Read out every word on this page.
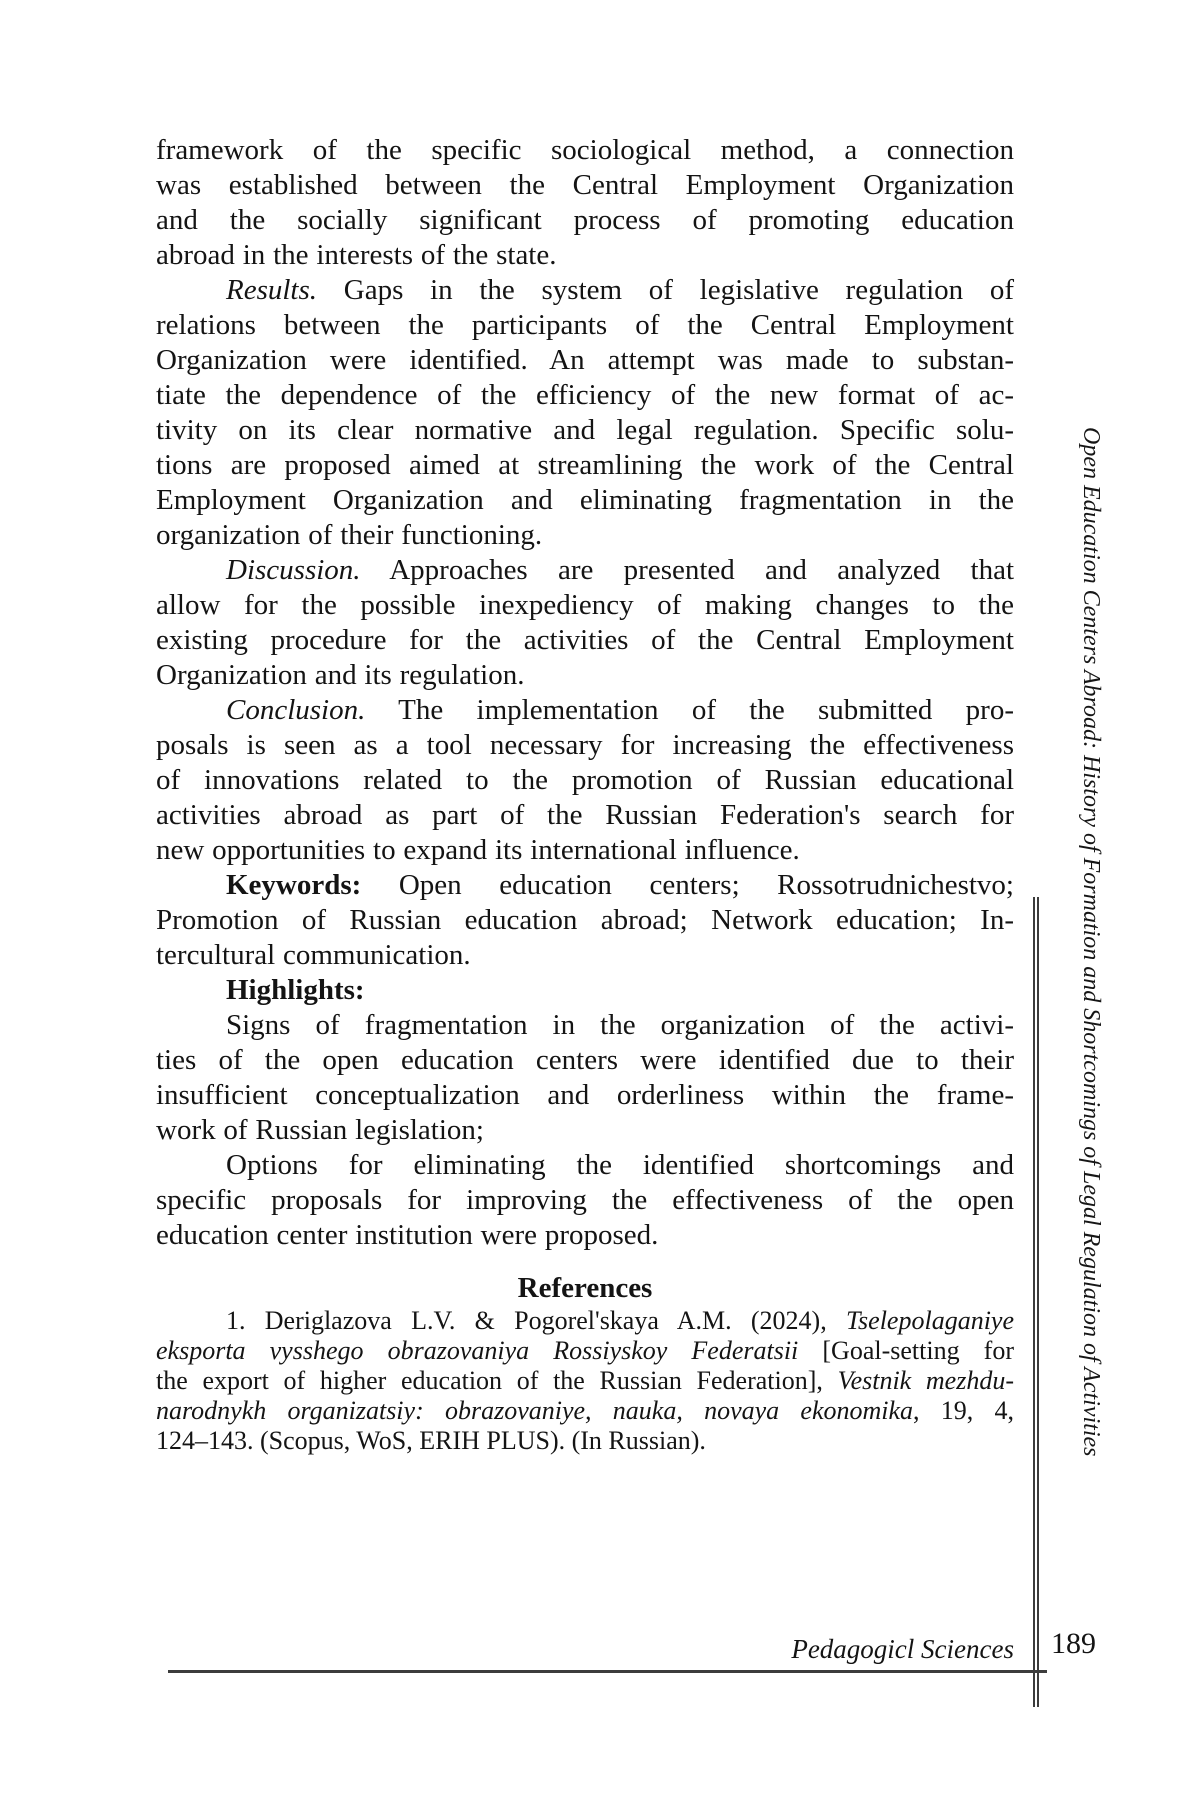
framework of the specific sociological method, a connection
was established between the Central Employment Organization
and the socially significant process of promoting education
abroad in the interests of the state.
Results. Gaps in the system of legislative regulation of
relations between the participants of the Central Employment
Organization were identified. An attempt was made to substan-
tiate the dependence of the efficiency of the new format of ac-
tivity on its clear normative and legal regulation. Specific solu-
tions are proposed aimed at streamlining the work of the Central
Employment Organization and eliminating fragmentation in the
organization of their functioning.
Discussion. Approaches are presented and analyzed that
allow for the possible inexpediency of making changes to the
existing procedure for the activities of the Central Employment
Organization and its regulation.
Conclusion. The implementation of the submitted pro-
posals is seen as a tool necessary for increasing the effectiveness
of innovations related to the promotion of Russian educational
activities abroad as part of the Russian Federation's search for
new opportunities to expand its international influence.
Keywords: Open education centers; Rossotrudnichestvo;
Promotion of Russian education abroad; Network education; In-
tercultural communication.
Highlights:
Signs of fragmentation in the organization of the activi-
ties of the open education centers were identified due to their
insufficient conceptualization and orderliness within the frame-
work of Russian legislation;
Options for eliminating the identified shortcomings and
specific proposals for improving the effectiveness of the open
education center institution were proposed.
References
1. Deriglazova L.V. & Pogorel'skaya A.M. (2024), Tselepolaganiye
eksporta vysshego obrazovaniya Rossiyskoy Federatsii [Goal-setting for
the export of higher education of the Russian Federation], Vestnik mezhdu-
narodnykh organizatsiy: obrazovaniye, nauka, novaya ekonomika, 19, 4,
124–143. (Scopus, WoS, ERIH PLUS). (In Russian).	Open Education Centers Abroad: History of Formation and Shortcomings of Legal Regulation of Activities
Pedagogicl Sciences 189
